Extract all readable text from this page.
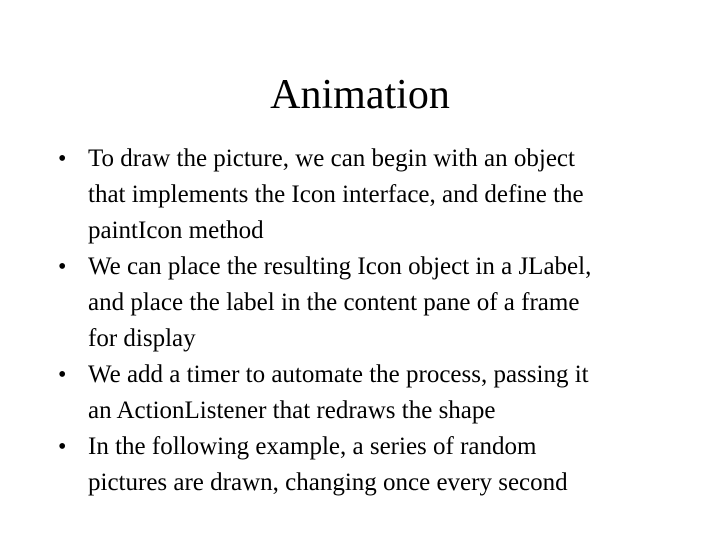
Animation
• To draw the picture, we can begin with an object
that implements the Icon interface, and define the
paintIcon method
• We can place the resulting Icon object in a JLabel,
and place the label in the content pane of a frame
for display
• We add a timer to automate the process, passing it
an ActionListener that redraws the shape
• In the following example, a series of random
pictures are drawn, changing once every second
